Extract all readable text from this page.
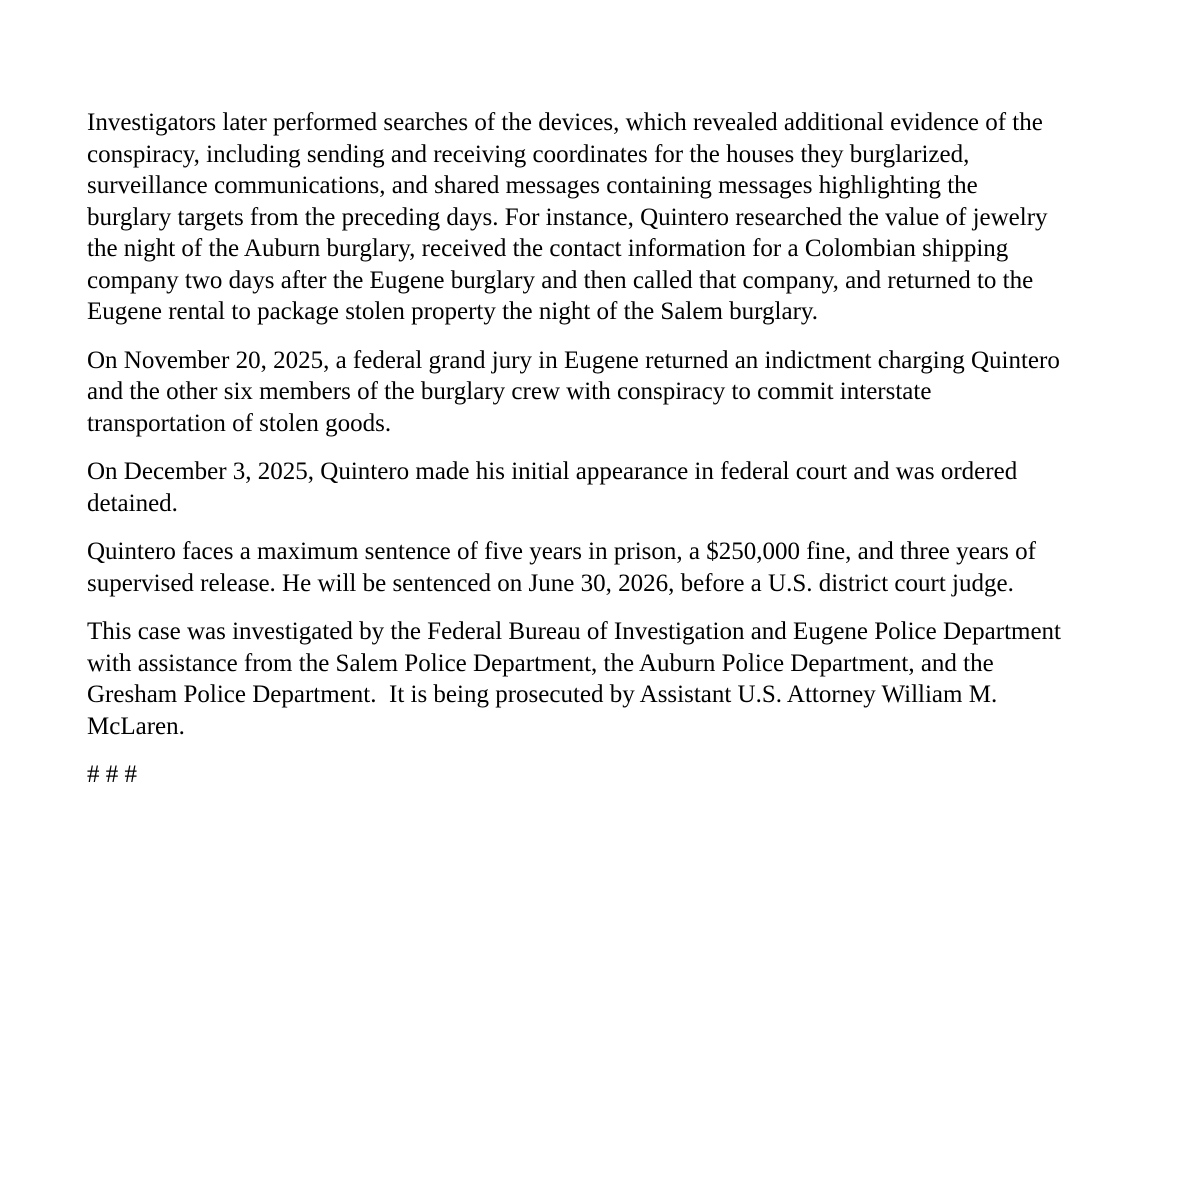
Investigators later performed searches of the devices, which revealed additional evidence of the
conspiracy, including sending and receiving coordinates for the houses they burglarized,
surveillance communications, and shared messages containing messages highlighting the
burglary targets from the preceding days. For instance, Quintero researched the value of jewelry
the night of the Auburn burglary, received the contact information for a Colombian shipping
company two days after the Eugene burglary and then called that company, and returned to the
Eugene rental to package stolen property the night of the Salem burglary.

On November 20, 2025, a federal grand jury in Eugene returned an indictment charging Quintero
and the other six members of the burglary crew with conspiracy to commit interstate
transportation of stolen goods.

On December 3, 2025, Quintero made his initial appearance in federal court and was ordered
detained.

Quintero faces a maximum sentence of five years in prison, a $250,000 fine, and three years of
supervised release. He will be sentenced on June 30, 2026, before a U.S. district court judge.

This case was investigated by the Federal Bureau of Investigation and Eugene Police Department
with assistance from the Salem Police Department, the Auburn Police Department, and the
Gresham Police Department.  It is being prosecuted by Assistant U.S. Attorney William M.
McLaren.

# # #
